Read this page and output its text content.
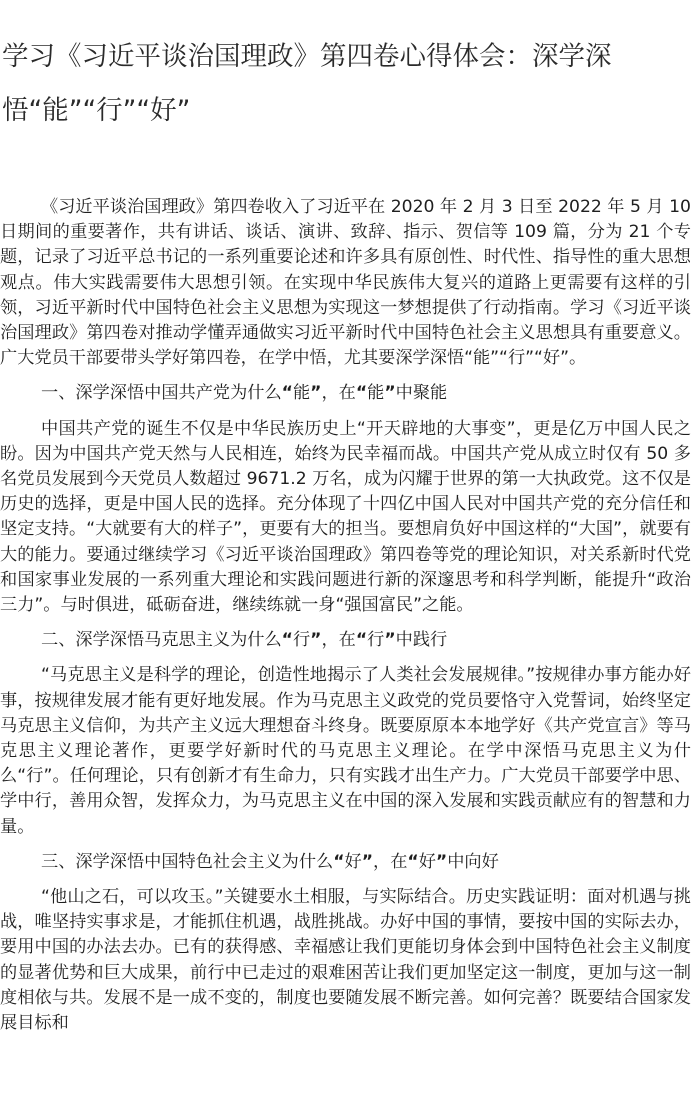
学习《习近平谈治国理政》第四卷心得体会：深学深
悟“能”“行”“好”

《习近平谈治国理政》第四卷收入了习近平在 2020 年 2 月 3 日至 2022 年 5 月 10 日期间的重要著作，共有讲话、谈话、演讲、致辞、指示、贺信等 109 篇，分为 21 个专题，记录了习近平总书记的一系列重要论述和许多具有原创性、时代性、指导性的重大思想观点。伟大实践需要伟大思想引领。在实现中华民族伟大复兴的道路上更需要有这样的引领，习近平新时代中国特色社会主义思想为实现这一梦想提供了行动指南。学习《习近平谈治国理政》第四卷对推动学懂弄通做实习近平新时代中国特色社会主义思想具有重要意义。广大党员干部要带头学好第四卷，在学中悟，尤其要深学深悟“能”“行”“好”。

一、深学深悟中国共产党为什么“能”，在“能”中聚能

中国共产党的诞生不仅是中华民族历史上“开天辟地的大事变”，更是亿万中国人民之盼。因为中国共产党天然与人民相连，始终为民幸福而战。中国共产党从成立时仅有 50 多名党员发展到今天党员人数超过 9671.2 万名，成为闪耀于世界的第一大执政党。这不仅是历史的选择，更是中国人民的选择。充分体现了十四亿中国人民对中国共产党的充分信任和坚定支持。“大就要有大的样子”，更要有大的担当。要想肩负好中国这样的“大国”，就要有大的能力。要通过继续学习《习近平谈治国理政》第四卷等党的理论知识，对关系新时代党和国家事业发展的一系列重大理论和实践问题进行新的深邃思考和科学判断，能提升“政治三力”。与时俱进，砥砺奋进，继续练就一身“强国富民”之能。

二、深学深悟马克思主义为什么“行”，在“行”中践行

“马克思主义是科学的理论，创造性地揭示了人类社会发展规律。”按规律办事方能办好事，按规律发展才能有更好地发展。作为马克思主义政党的党员要恪守入党誓词，始终坚定马克思主义信仰，为共产主义远大理想奋斗终身。既要原原本本地学好《共产党宣言》等马克思主义理论著作，更要学好新时代的马克思主义理论。在学中深悟马克思主义为什么“行”。任何理论，只有创新才有生命力，只有实践才出生产力。广大党员干部要学中思、学中行，善用众智，发挥众力，为马克思主义在中国的深入发展和实践贡献应有的智慧和力量。

三、深学深悟中国特色社会主义为什么“好”，在“好”中向好

“他山之石，可以攻玉。”关键要水土相服，与实际结合。历史实践证明：面对机遇与挑战，唯坚持实事求是，才能抓住机遇，战胜挑战。办好中国的事情，要按中国的实际去办，要用中国的办法去办。已有的获得感、幸福感让我们更能切身体会到中国特色社会主义制度的显著优势和巨大成果，前行中已走过的艰难困苦让我们更加坚定这一制度，更加与这一制度相依与共。发展不是一成不变的，制度也要随发展不断完善。如何完善？既要结合国家发展目标和
